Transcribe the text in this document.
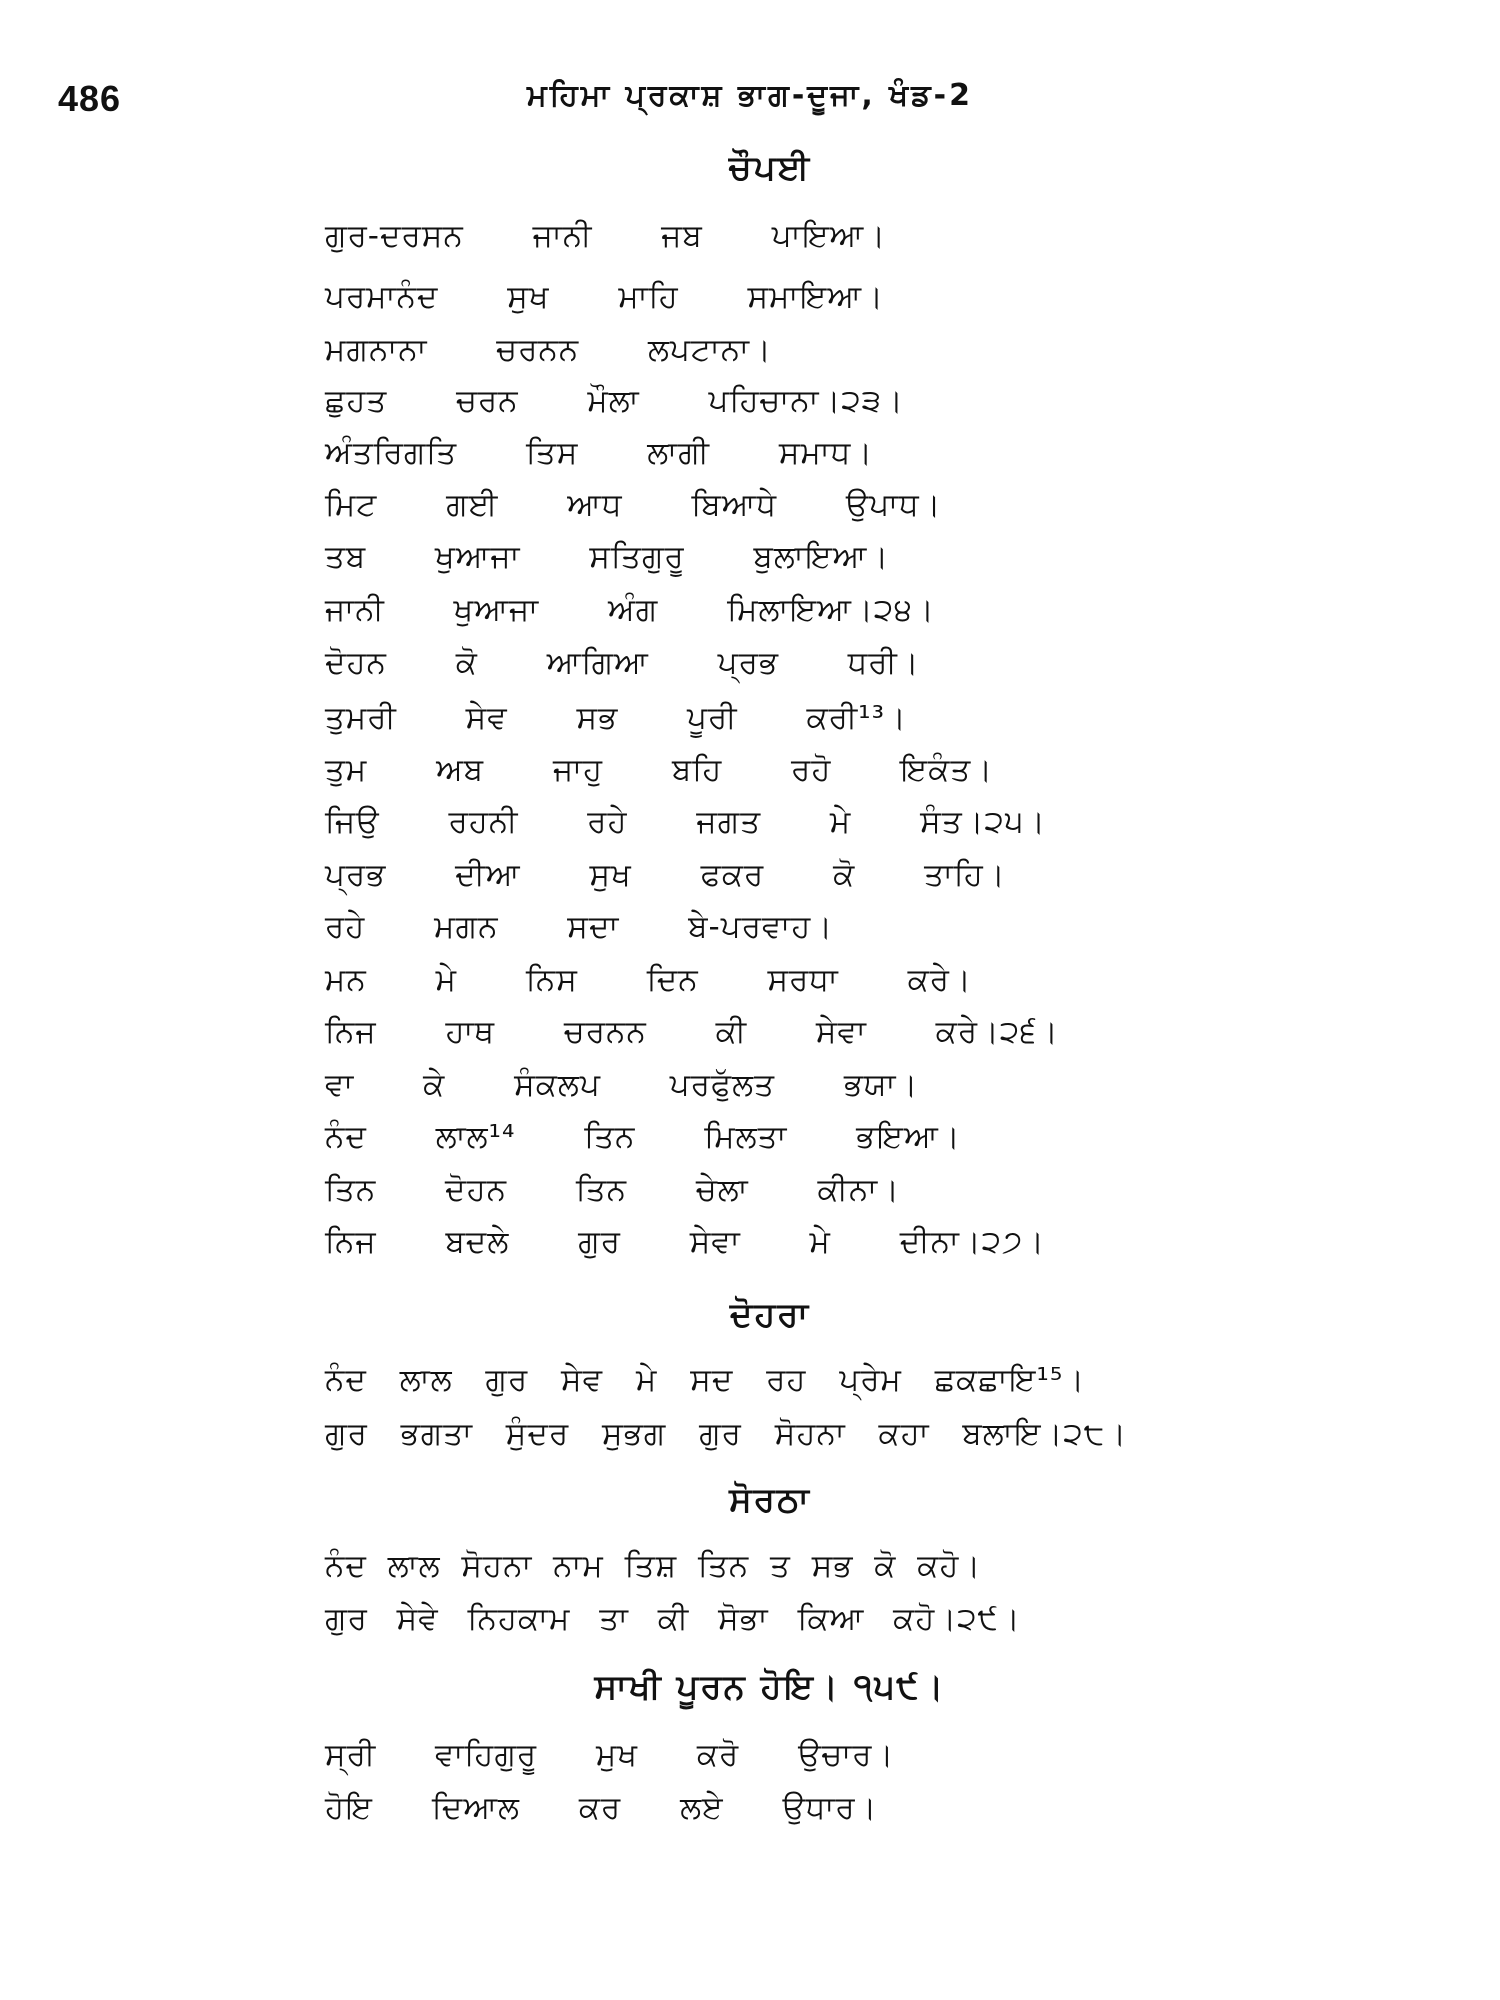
486	ਮਹਿਮਾ ਪ੍ਰਕਾਸ਼ ਭਾਗ-ਦੂਜਾ, ਖੰਡ-2
ਚੌਪਈ
ਗੁਰ-ਦਰਸਨ ਜਾਨੀ ਜਬ ਪਾਇਆ।
ਪਰਮਾਨੰਦ ਸੁਖ ਮਾਹਿ ਸਮਾਇਆ।
ਮਗਨਾਨਾ ਚਰਨਨ ਲਪਟਾਨਾ।
ਛੁਹਤ ਚਰਨ ਮੌਲਾ ਪਹਿਚਾਨਾ।੨੩।
ਅੰਤਰਿਗਤਿ ਤਿਸ ਲਾਗੀ ਸਮਾਧ।
ਮਿਟ ਗਈ ਆਧ ਬਿਆਧੇ ਉਪਾਧ।
ਤਬ ਖੁਆਜਾ ਸਤਿਗੁਰੂ ਬੁਲਾਇਆ।
ਜਾਨੀ ਖੁਆਜਾ ਅੰਗ ਮਿਲਾਇਆ।੨੪।
ਦੋਹਨ ਕੋ ਆਗਿਆ ਪ੍ਰਭ ਧਰੀ।
ਤੁਮਰੀ ਸੇਵ ਸਭ ਪੂਰੀ ਕਰੀ¹³।
ਤੁਮ ਅਬ ਜਾਹੁ ਬਹਿ ਰਹੋ ਇਕੰਤ।
ਜਿਉ ਰਹਨੀ ਰਹੇ ਜਗਤ ਮੇ ਸੰਤ।੨੫।
ਪ੍ਰਭ ਦੀਆ ਸੁਖ ਫਕਰ ਕੋ ਤਾਹਿ।
ਰਹੇ ਮਗਨ ਸਦਾ ਬੇ-ਪਰਵਾਹ।
ਮਨ ਮੇ ਨਿਸ ਦਿਨ ਸਰਧਾ ਕਰੇ।
ਨਿਜ ਹਾਥ ਚਰਨਨ ਕੀ ਸੇਵਾ ਕਰੇ।੨੬।
ਵਾ ਕੇ ਸੰਕਲਪ ਪਰਫੁੱਲਤ ਭਯਾ।
ਨੰਦ ਲਾਲ¹⁴ ਤਿਨ ਮਿਲਤਾ ਭਇਆ।
ਤਿਨ ਦੋਹਨ ਤਿਨ ਚੇਲਾ ਕੀਨਾ।
ਨਿਜ ਬਦਲੇ ਗੁਰ ਸੇਵਾ ਮੇ ਦੀਨਾ।੨੭।
ਦੋਹਰਾ
ਨੰਦ ਲਾਲ ਗੁਰ ਸੇਵ ਮੇ ਸਦ ਰਹ ਪ੍ਰੇਮ ਛਕਛਾਇ¹⁵।
ਗੁਰ ਭਗਤਾ ਸੁੰਦਰ ਸੁਭਗ ਗੁਰ ਸੋਹਨਾ ਕਹਾ ਬਲਾਇ।੨੮।
ਸੋਰਠਾ
ਨੰਦ ਲਾਲ ਸੋਹਨਾ ਨਾਮ ਤਿਸ਼ ਤਿਨ ਤ ਸਭ ਕੋ ਕਹੋ।
ਗੁਰ ਸੇਵੇ ਨਿਹਕਾਮ ਤਾ ਕੀ ਸੋਭਾ ਕਿਆ ਕਹੋ।੨੯।
ਸਾਖੀ ਪੂਰਨ ਹੋਇ। ੧੫੯।
ਸ੍ਰੀ ਵਾਹਿਗੁਰੂ ਮੁਖ ਕਰੋ ਉਚਾਰ।
ਹੋਇ ਦਿਆਲ ਕਰ ਲਏ ਉਧਾਰ।
